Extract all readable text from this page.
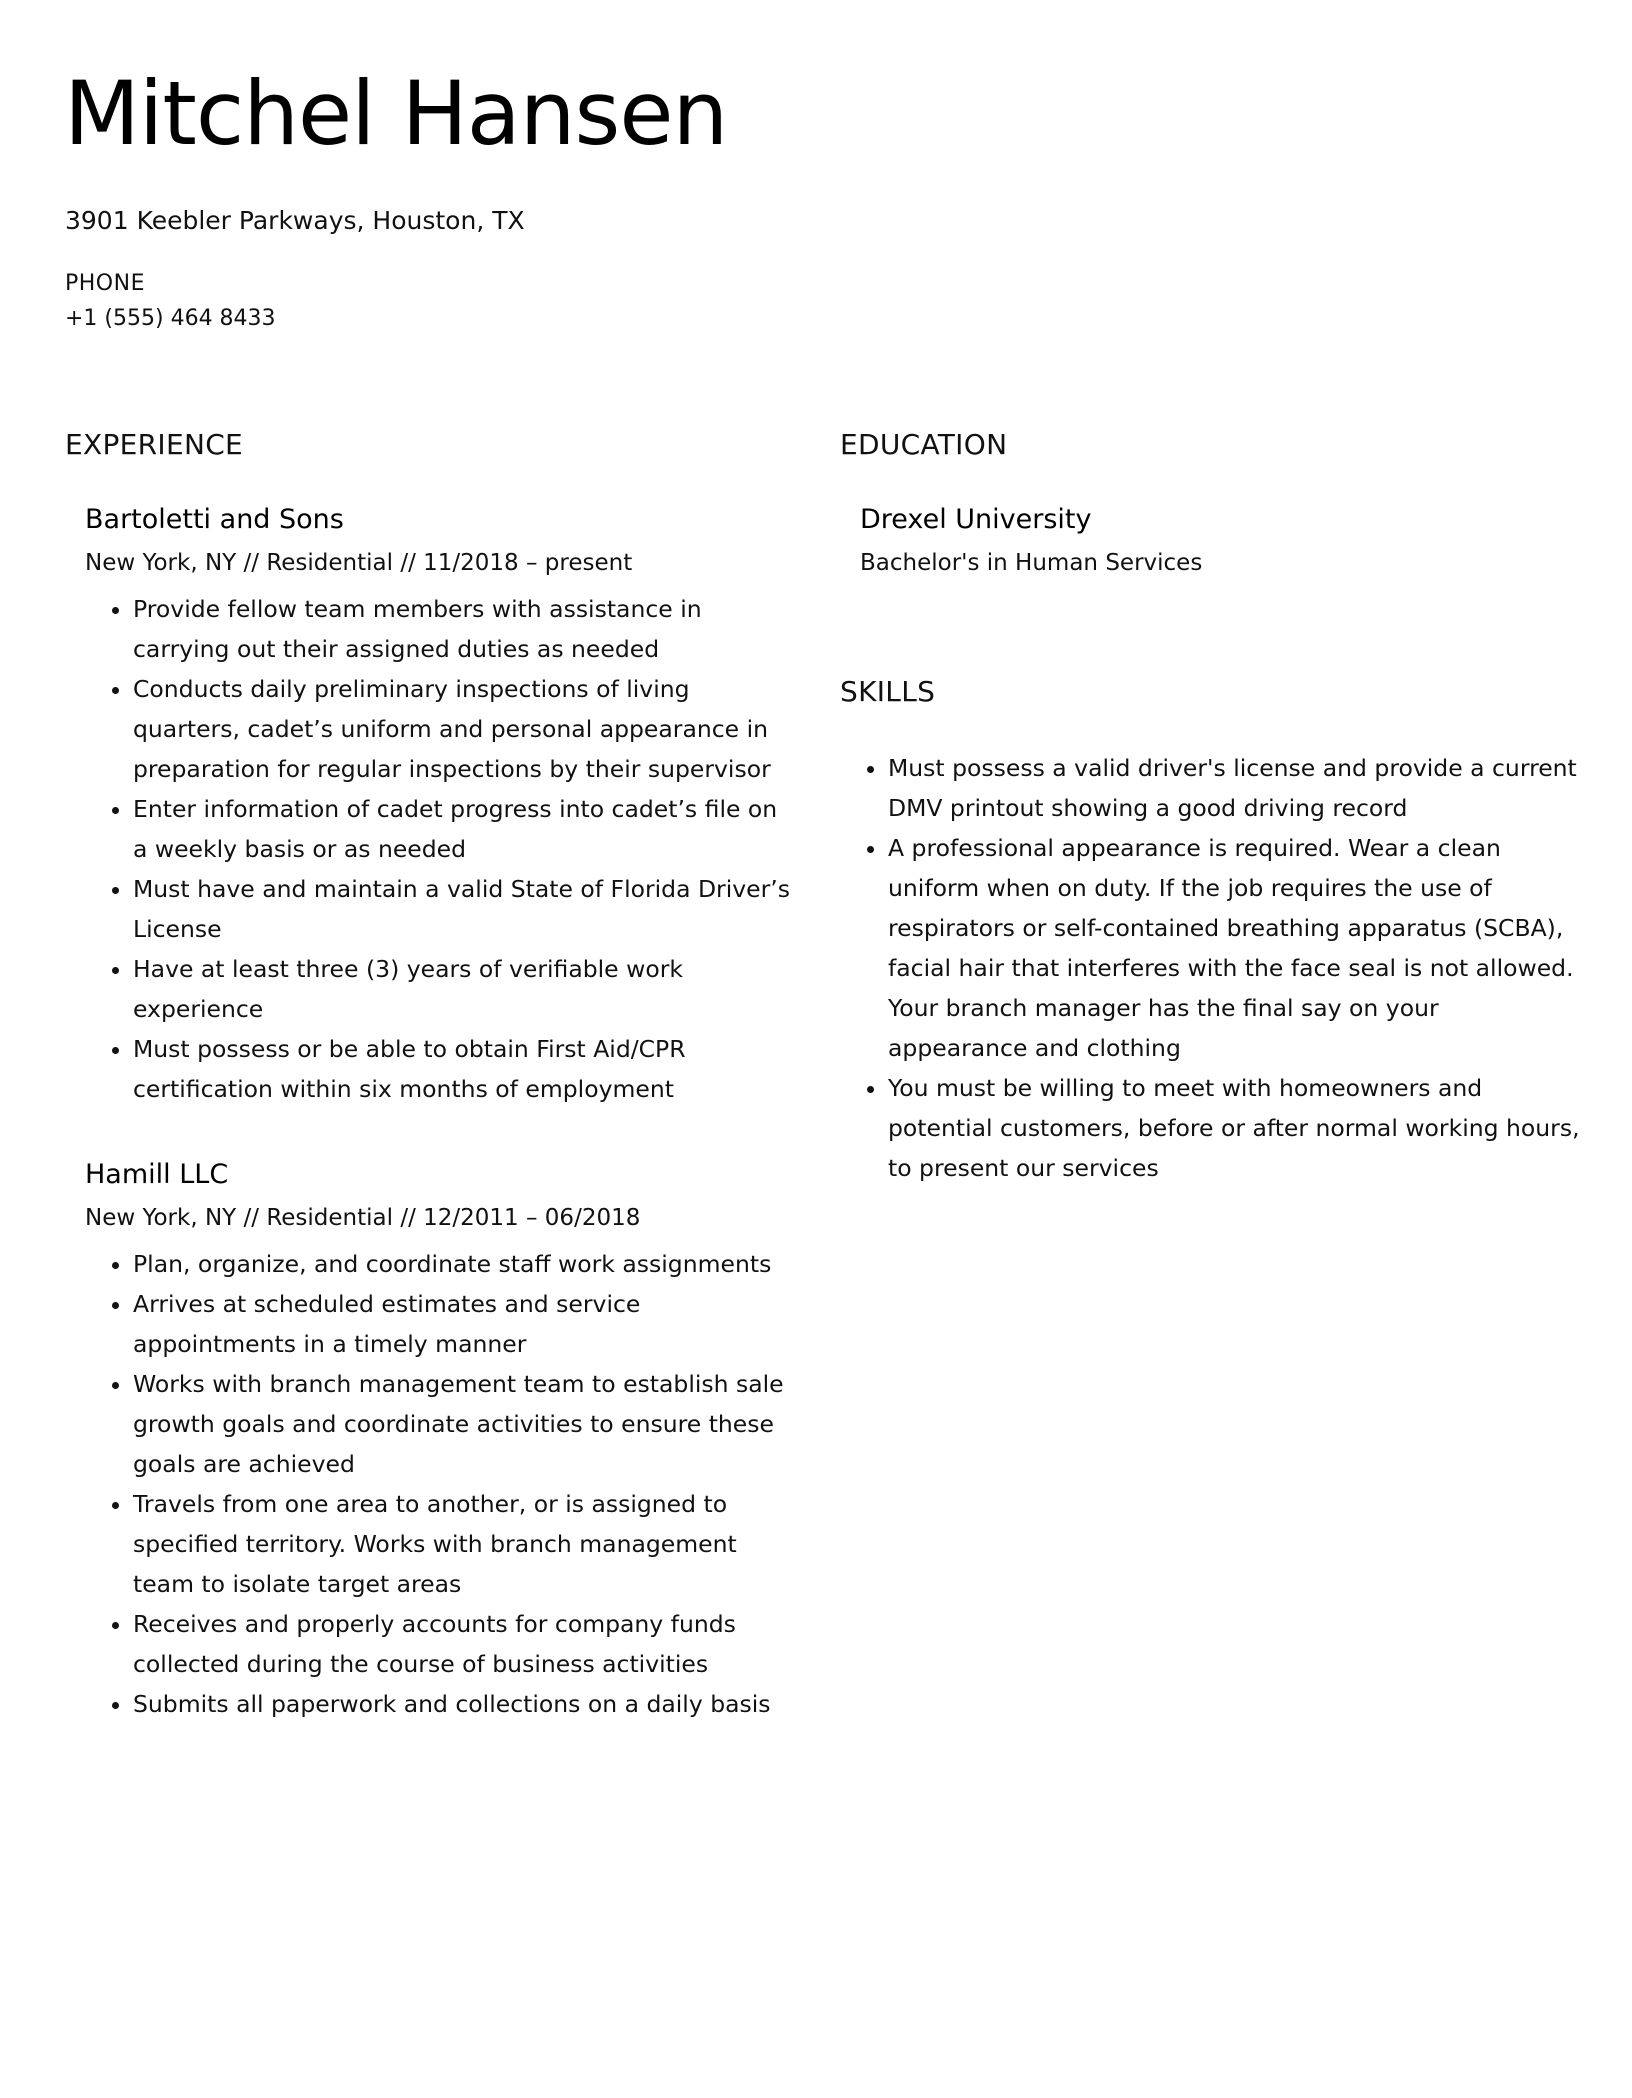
Mitchel Hansen
3901 Keebler Parkways, Houston, TX
PHONE
+1 (555) 464 8433
EXPERIENCE
Bartoletti and Sons
New York, NY // Residential // 11/2018 – present
• Provide fellow team members with assistance in carrying out their assigned duties as needed
• Conducts daily preliminary inspections of living quarters, cadet’s uniform and personal appearance in preparation for regular inspections by their supervisor
• Enter information of cadet progress into cadet’s file on a weekly basis or as needed
• Must have and maintain a valid State of Florida Driver’s License
• Have at least three (3) years of verifiable work experience
• Must possess or be able to obtain First Aid/CPR certification within six months of employment
Hamill LLC
New York, NY // Residential // 12/2011 – 06/2018
• Plan, organize, and coordinate staff work assignments
• Arrives at scheduled estimates and service appointments in a timely manner
• Works with branch management team to establish sale growth goals and coordinate activities to ensure these goals are achieved
• Travels from one area to another, or is assigned to specified territory. Works with branch management team to isolate target areas
• Receives and properly accounts for company funds collected during the course of business activities
• Submits all paperwork and collections on a daily basis
EDUCATION
Drexel University
Bachelor's in Human Services
SKILLS
• Must possess a valid driver's license and provide a current DMV printout showing a good driving record
• A professional appearance is required. Wear a clean uniform when on duty. If the job requires the use of respirators or self-contained breathing apparatus (SCBA), facial hair that interferes with the face seal is not allowed. Your branch manager has the final say on your appearance and clothing
• You must be willing to meet with homeowners and potential customers, before or after normal working hours, to present our services
